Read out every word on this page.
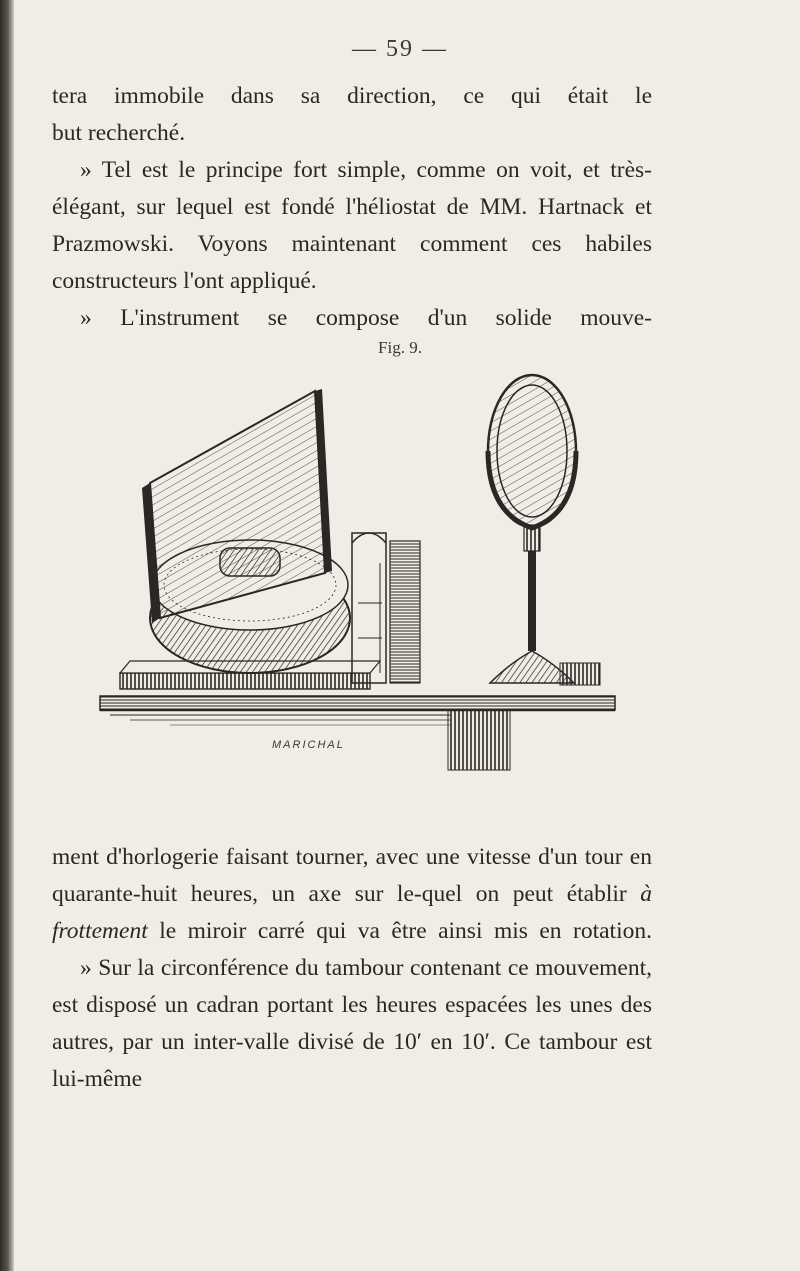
— 59 —

tera immobile dans sa direction, ce qui était le

but recherché.

» Tel est le principe fort simple, comme on voit, et très-élégant, sur lequel est fondé l'héliostat de MM. Hartnack et Prazmowski. Voyons maintenant comment ces habiles constructeurs l'ont appliqué.

» L'instrument se compose d'un solide mouve-

Fig. 9.
MARICHAL

ment d'horlogerie faisant tourner, avec une vitesse d'un tour en quarante-huit heures, un axe sur le-quel on peut établir à frottement le miroir carré qui va être ainsi mis en rotation.

» Sur la circonférence du tambour contenant ce mouvement, est disposé un cadran portant les heures espacées les unes des autres, par un inter-valle divisé de 10′ en 10′. Ce tambour est lui-même
